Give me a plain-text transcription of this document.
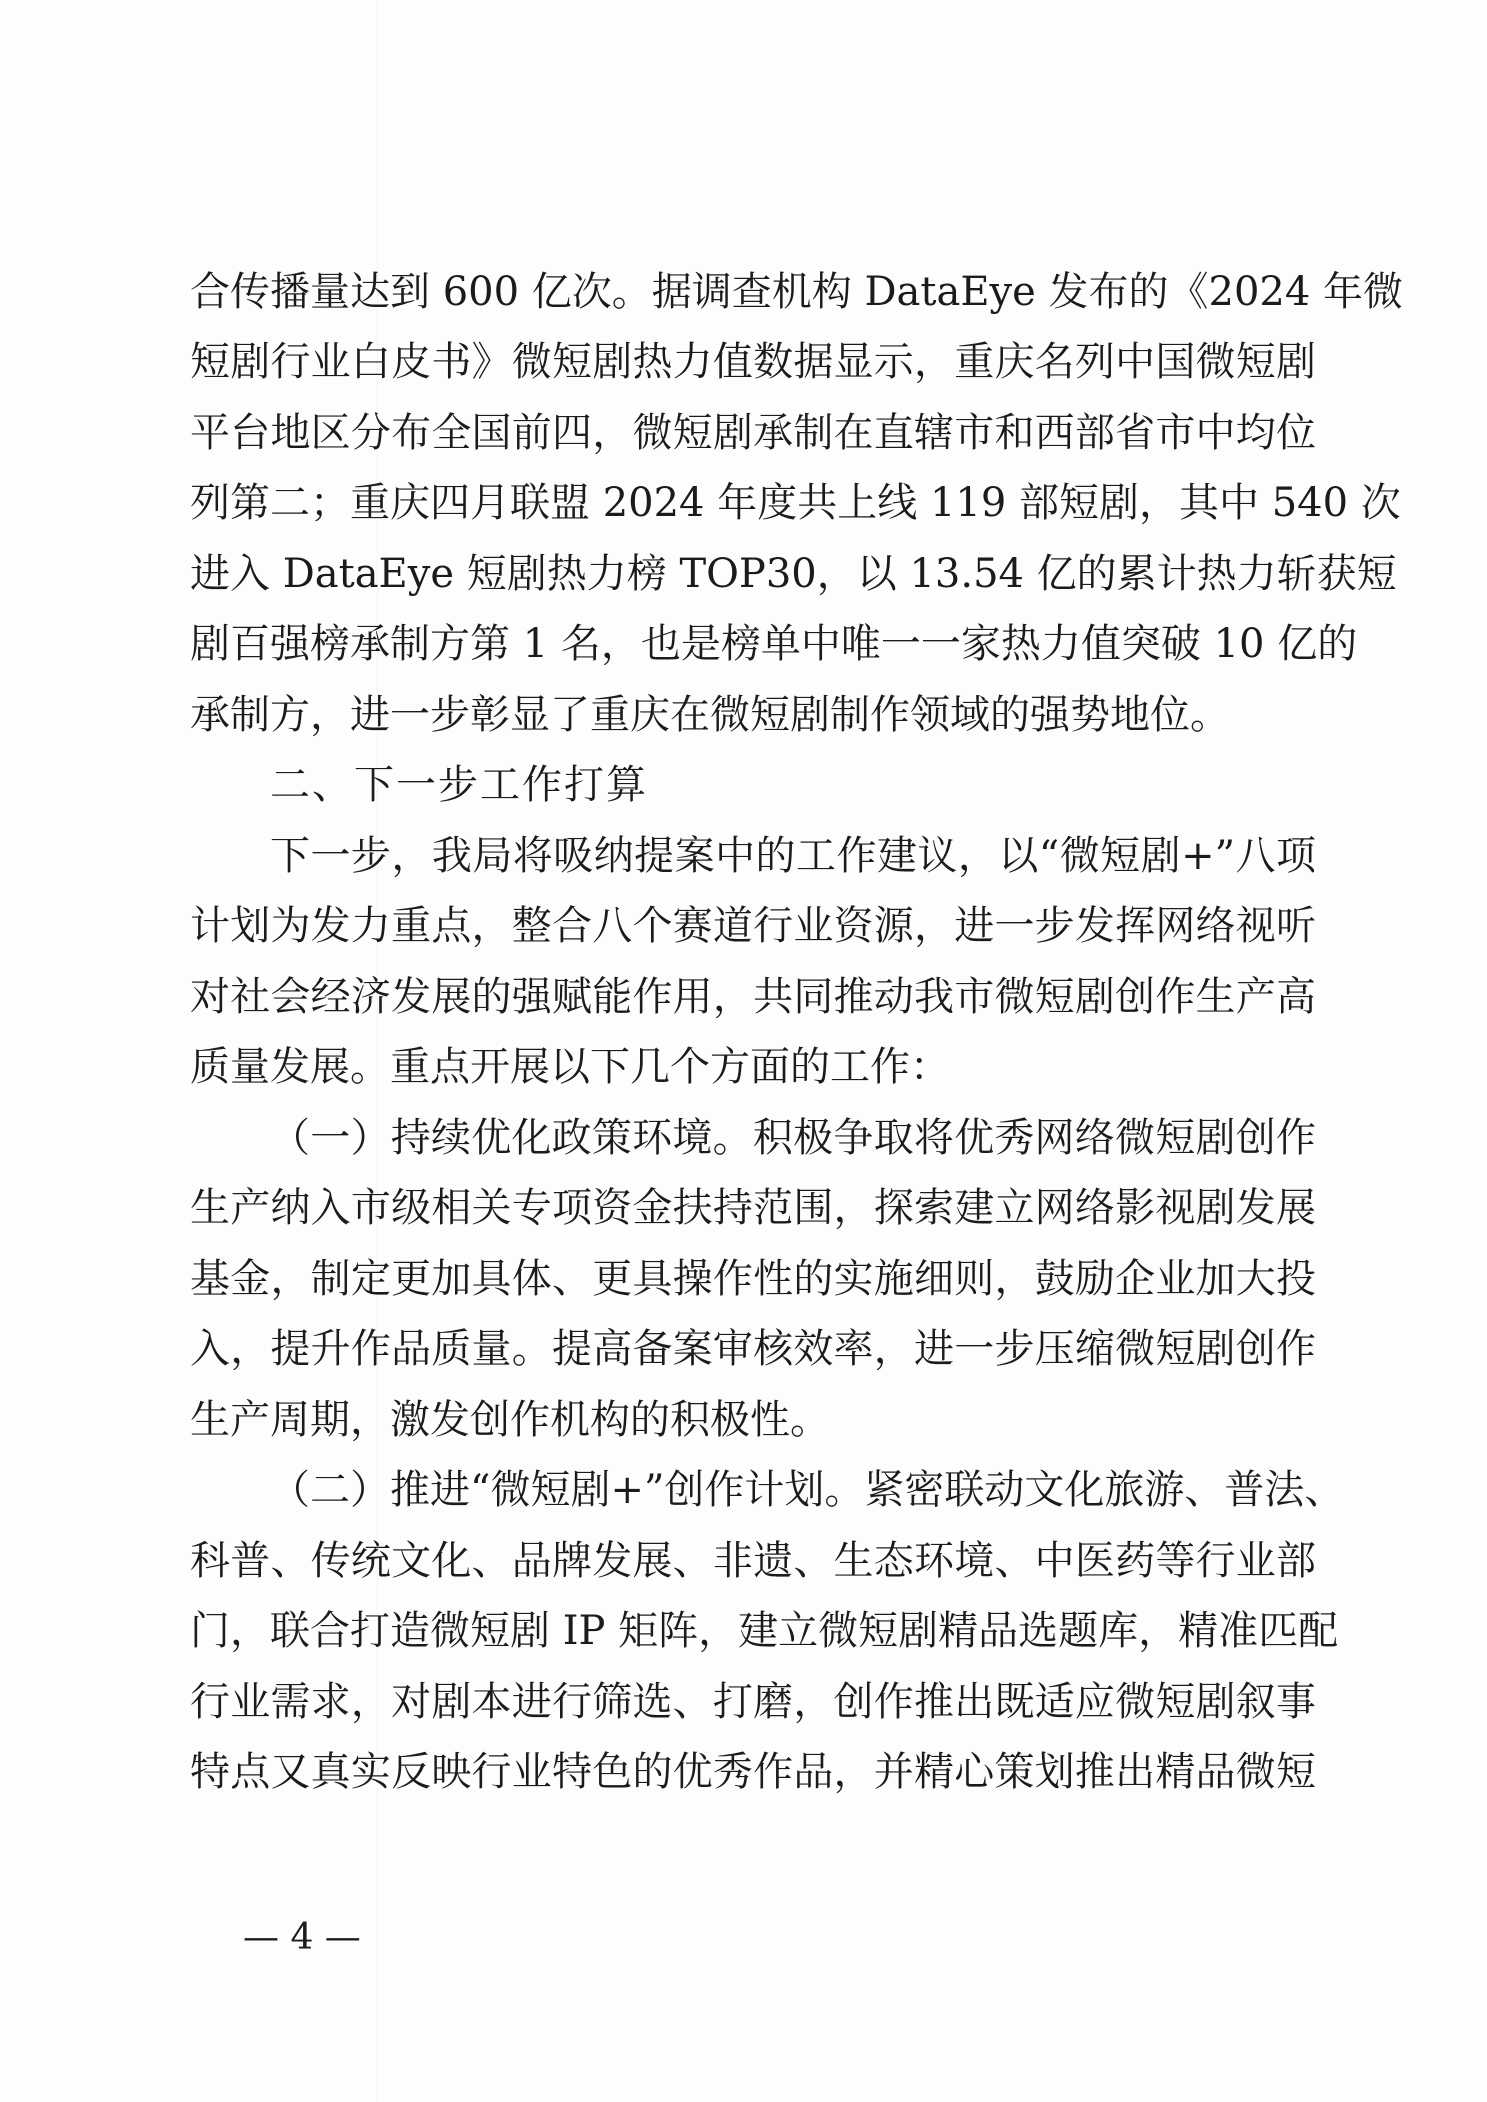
合传播量达到 600 亿次。据调查机构 DataEye 发布的《2024 年微
短剧行业白皮书》微短剧热力值数据显示，重庆名列中国微短剧
平台地区分布全国前四，微短剧承制在直辖市和西部省市中均位
列第二；重庆四月联盟 2024 年度共上线 119 部短剧，其中 540 次
进入 DataEye 短剧热力榜 TOP30，以 13.54 亿的累计热力斩获短
剧百强榜承制方第 1 名，也是榜单中唯一一家热力值突破 10 亿的
承制方，进一步彰显了重庆在微短剧制作领域的强势地位。
二、下一步工作打算
下一步，我局将吸纳提案中的工作建议，以“微短剧+”八项
计划为发力重点，整合八个赛道行业资源，进一步发挥网络视听
对社会经济发展的强赋能作用，共同推动我市微短剧创作生产高
质量发展。重点开展以下几个方面的工作：
（一）持续优化政策环境。积极争取将优秀网络微短剧创作
生产纳入市级相关专项资金扶持范围，探索建立网络影视剧发展
基金，制定更加具体、更具操作性的实施细则，鼓励企业加大投
入，提升作品质量。提高备案审核效率，进一步压缩微短剧创作
生产周期，激发创作机构的积极性。
（二）推进“微短剧+”创作计划。紧密联动文化旅游、普法、
科普、传统文化、品牌发展、非遗、生态环境、中医药等行业部
门，联合打造微短剧 IP 矩阵，建立微短剧精品选题库，精准匹配
行业需求，对剧本进行筛选、打磨，创作推出既适应微短剧叙事
特点又真实反映行业特色的优秀作品，并精心策划推出精品微短
— 4 —
